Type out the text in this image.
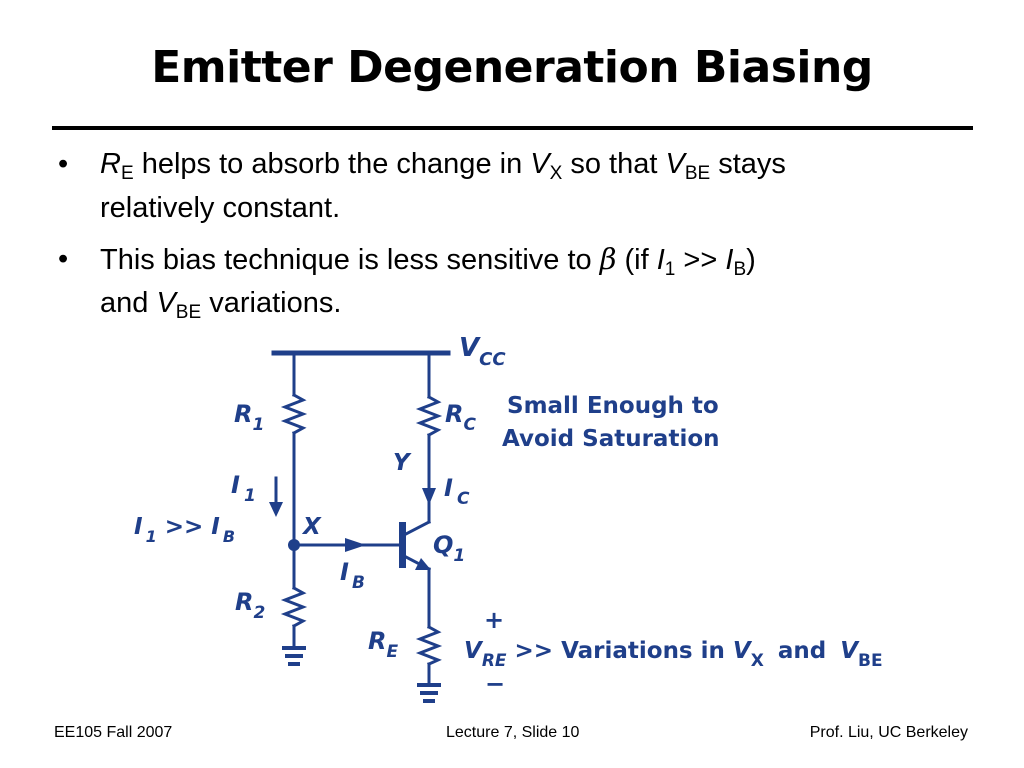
Emitter Degeneration Biasing
• $R_E$ helps to absorb the change in $V_X$ so that $V_{BE}$ stays
relatively constant.
• This bias technique is less sensitive to β (if $I_1 >> I_B$)
and $V_{BE}$ variations.
$V_{CC}$
$R_1$	$R_C$
Small Enough to
Avoid Saturation
Y
I $_1$	I $_C$
I $_1$ >> I $_B$	X
$Q_1$
I $_B$
$R_2$
$R_E$
+
−
$V_{RE}$ >> Variations in $V_X$ and $V_{BE}$
EE105 Fall 2007	Lecture 7, Slide 10	Prof. Liu, UC Berkeley
